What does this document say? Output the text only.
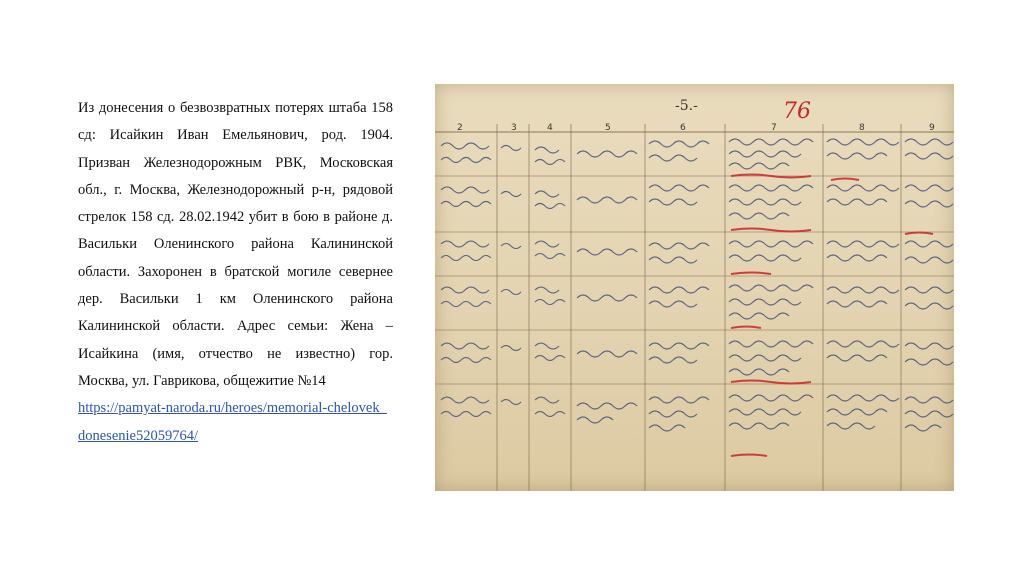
Из донесения о безвозвратных потерях штаба 158 сд: Исайкин Иван Емельянович, род. 1904. Призван Железнодорожным РВК, Московская обл., г. Москва, Железнодорожный р-н, рядовой стрелок 158 сд. 28.02.1942 убит в бою в районе д. Васильки Оленинского района Калининской области. Захоронен в братской могиле севернее дер. Васильки 1 км Оленинского района Калининской области. Адрес семьи: Жена – Исайкина (имя, отчество не известно) гор. Москва, ул. Гаврикова, общежитие №14

https://pamyat-naroda.ru/heroes/memorial-chelovek_donesenie52059764/
-5.-	76
2	3	4	5	6	7	8	9
